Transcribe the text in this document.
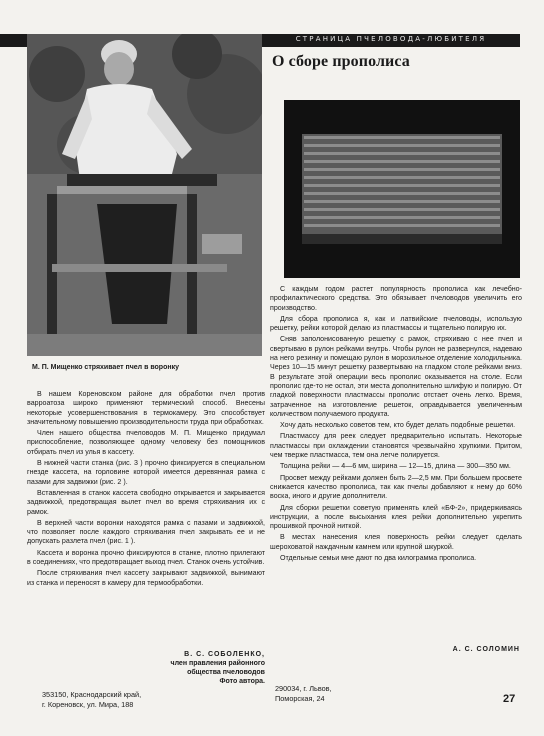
СТРАНИЦА ПЧЕЛОВОДА-ЛЮБИТЕЛЯ
О сборе прополиса
М. П. Мищенко стряхивает пчел в воронку

В нашем Кореновском районе для обработки пчел против варроатоза широко применяют термический способ. Внесены некоторые усовершенствования в термокамеру. Это способствует значительному повышению производительности труда при обработках.

Член нашего общества пчеловодов М. П. Мищенко придумал приспособление, позволяющее одному человеку без помощников отбирать пчел из улья в кассету.

В нижней части станка (рис. 3 ) прочно фиксируется в специальном гнезде кассета, на горловине которой имеется деревянная рамка с пазами для задвижки (рис. 2 ).

Вставленная в станок кассета свободно открывается и закрывается задвижкой, предотвращая вылет пчел во время стряхивания их с рамок.

В верхней части воронки находятся рамка с пазами и задвижкой, что позволяет после каждого стряхивания пчел закрывать ее и не допускать разлета пчел (рис. 1 ).

Кассета и воронка прочно фиксируются в станке, плотно прилегают в соединениях, что предотвращает выход пчел. Станок очень устойчив.

После стряхивания пчел кассету закрывают задвижкой, вынимают из станка и переносят в камеру для термообработки.

В. С. СОБОЛЕНКО,
член правления районного
общества пчеловодов
Фото автора.
353150, Краснодарский край,
г. Кореновск, ул. Мира, 188

С каждым годом растет популярность прополиса как лечебно-профилактического средства. Это обязывает пчеловодов увеличить его производство.

Для сбора прополиса я, как и латвийские пчеловоды, использую решетку, рейки которой делаю из пластмассы и тщательно полирую их.

Сняв заполонисованную решетку с рамок, стряхиваю с нее пчел и свертываю в рулон рейками внутрь. Чтобы рулон не развернулся, надеваю на него резинку и помещаю рулон в морозильное отделение холодильника. Через 10—15 минут решетку развертываю на гладком столе рейками вниз. В результате этой операции весь прополис оказывается на столе. Если прополис где-то не остал, эти места дополнительно шлифую и полирую. От гладкой поверхности пластмассы прополис отстает очень легко. Время, затраченное на изготовление решеток, оправдывается увеличенным количеством получаемого продукта.

Хочу дать несколько советов тем, кто будет делать подобные решетки.

Пластмассу для реек следует предварительно испытать. Некоторые пластмассы при охлаждении становятся чрезвычайно хрупкими. Притом, чем тверже пластмасса, тем она легче полируется.

Толщина рейки — 4—6 мм, ширина — 12—15, длина — 300—350 мм.

Просвет между рейками должен быть 2—2,5 мм. При большем просвете снижается качество прополиса, так как пчелы добавляют к нему до 60% воска, иного и другие дополнители.

Для сборки решетки советую применять клей «БФ-2», придерживаясь инструкции, а после высыхания клея рейки дополнительно укрепить прошивкой прочной ниткой.

В местах нанесения клея поверхность рейки следует сделать шероховатой наждачным камнем или крупной шкуркой.

Отдельные семьи мне дают по два килограмма прополиса.

А. С. СОЛОМИН
290034, г. Львов,
Поморская, 24	27
